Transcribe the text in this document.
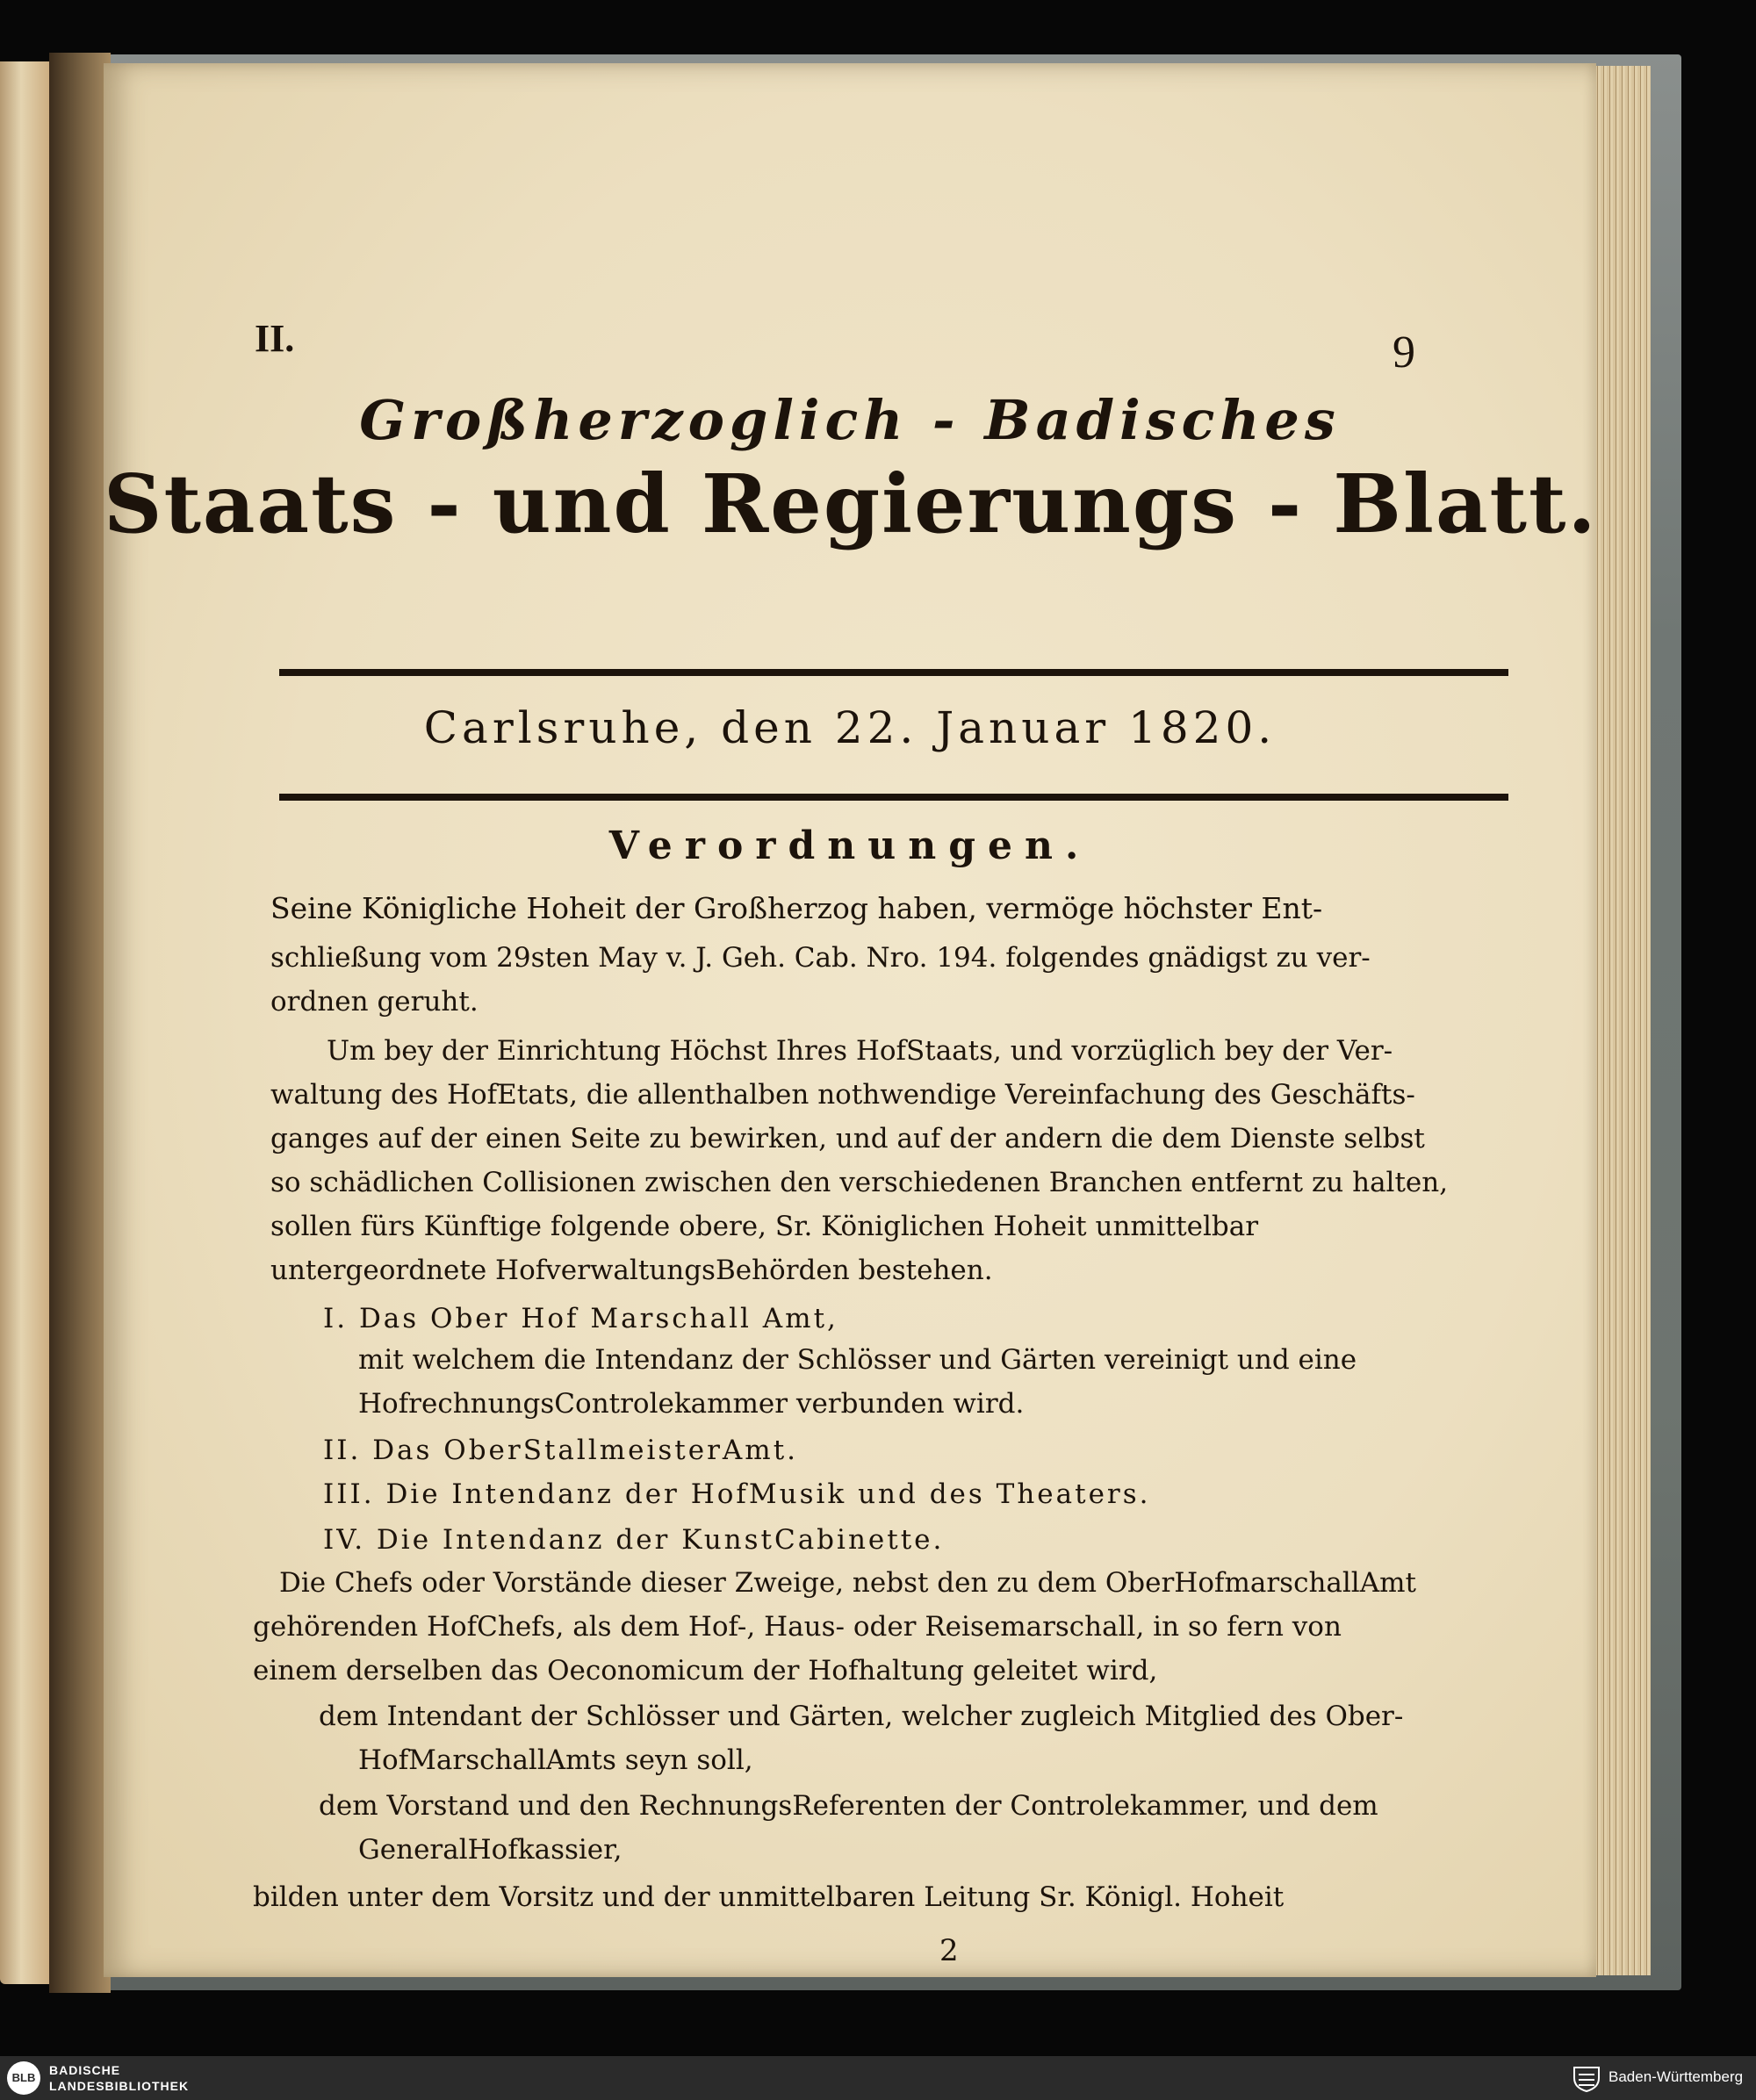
II.	9
Großherzoglich - Badisches
Staats - und Regierungs - Blatt.
Carlsruhe, den 22. Januar 1820.
Verordnungen.
Seine Königliche Hoheit der Großherzog haben, vermöge höchster Ent-
schließung vom 29sten May v. J. Geh. Cab. Nro. 194. folgendes gnädigst zu ver-
ordnen geruht.
Um bey der Einrichtung Höchst Ihres HofStaats, und vorzüglich bey der Ver-
waltung des HofEtats, die allenthalben nothwendige Vereinfachung des Geschäfts-
ganges auf der einen Seite zu bewirken, und auf der andern die dem Dienste selbst
so schädlichen Collisionen zwischen den verschiedenen Branchen entfernt zu halten,
sollen fürs Künftige folgende obere, Sr. Königlichen Hoheit unmittelbar
untergeordnete HofverwaltungsBehörden bestehen.
I. Das Ober Hof Marschall Amt,
mit welchem die Intendanz der Schlösser und Gärten vereinigt und eine
HofrechnungsControlekammer verbunden wird.
II. Das OberStallmeisterAmt.
III. Die Intendanz der HofMusik und des Theaters.
IV. Die Intendanz der KunstCabinette.
Die Chefs oder Vorstände dieser Zweige, nebst den zu dem OberHofmarschallAmt
gehörenden HofChefs, als dem Hof-, Haus- oder Reisemarschall, in so fern von
einem derselben das Oeconomicum der Hofhaltung geleitet wird,
dem Intendant der Schlösser und Gärten, welcher zugleich Mitglied des Ober-
HofMarschallAmts seyn soll,
dem Vorstand und den RechnungsReferenten der Controlekammer, und dem
GeneralHofkassier,
bilden unter dem Vorsitz und der unmittelbaren Leitung Sr. Königl. Hoheit
2
BLB
BADISCHE
LANDESBIBLIOTHEK
Baden-Württemberg
